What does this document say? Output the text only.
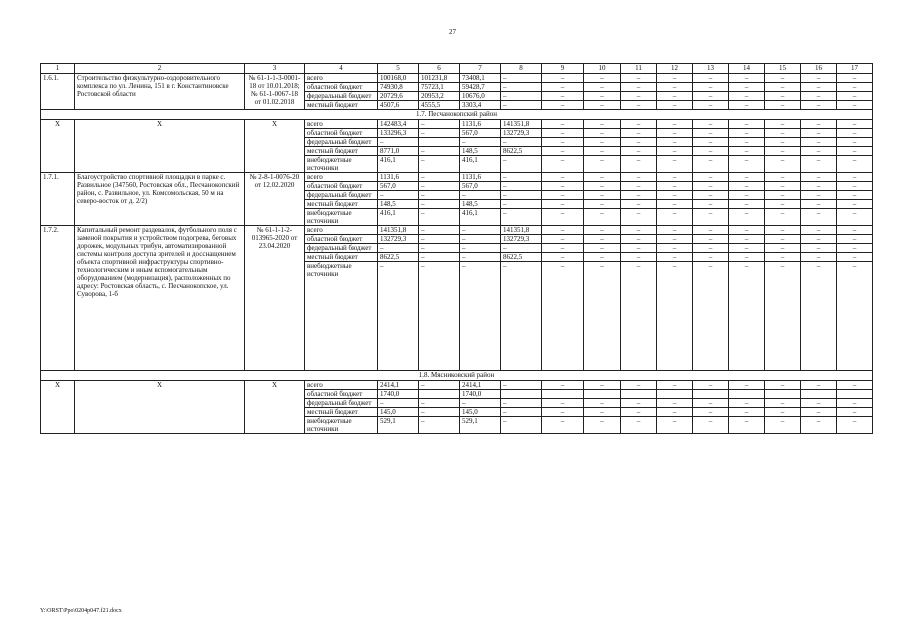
27
1	2	3	4	5	6	7	8	9	10	11	12	13	14	15	16	17
1.6.1.	Строительство физкультурно-оздоровительного комплекса по ул. Ленина, 151 в г. Константиновске Ростовской области	№ 61-1-1-3-0001-18 от 10.01.2018; № 61-1-0067-18 от 01.02.2018	всего	100168,0	101231,8	73408,1	–	–	–	–	–	–	–	–	–	–
			областной бюджет	74930,8	75723,1	59428,7	–	–	–	–	–	–	–	–	–	–
			федеральный бюджет	20729,6	20953,2	10676,0	–	–	–	–	–	–	–	–	–	–
			местный бюджет	4507,6	4555,5	3303,4	–	–	–	–	–	–	–	–	–	–
1.7. Песчанокопский район																
Х	Х	Х	всего	142483,4	–	1131,6	141351,8	–	–	–	–	–	–	–	–	–
			областной бюджет	133296,3	–	567,0	132729,3	–	–	–	–	–	–	–	–	–
			федеральный бюджет	–		–	–	–	–	–	–	–	–	–	–	–
			местный бюджет	8771,0	–	148,5	8622,5	–	–	–	–	–	–	–	–	–
			внебюджетные источники	416,1	–	416,1	–	–	–	–	–	–	–	–	–	–
1.7.1.	Благоустройство спортивной площадки в парке с. Развильное (347560, Ростовская обл., Песчанокопский район, с. Развильное, ул. Комсомольская, 50 м на северо-восток от д. 2/2)	№ 2-8-1-0076-20 от 12.02.2020	всего	1131,6	–	1131,6	–	–	–	–	–	–	–	–	–	–
			областной бюджет	567,0	–	567,0	–	–	–	–	–	–	–	–	–	–
			федеральный бюджет	–	–	–	–	–	–	–	–	–	–	–	–	–
			местный бюджет	148,5	–	148,5	–	–	–	–	–	–	–	–	–	–
			внебюджетные источники	416,1	–	416,1	–	–	–	–	–	–	–	–	–	–
1.7.2.	Капитальный ремонт раздевалок, футбольного поля с заменой покрытия и устройством подогрева, беговых дорожек, модульных трибун, автоматизированной системы контроля доступа зрителей и досснащением объекта спортивной инфраструктуры спортивно-технологическим и иным вспомогательным оборудованием (модернизация), расположенных по адресу: Ростовская область, с. Песчанокопское, ул. Суворова, 1-б	№ 61-1-1-2-013965-2020 от 23.04.2020	всего	141351,8	–	–	141351,8	–	–	–	–	–	–	–	–	–
			областной бюджет	132729,3	–	–	132729,3	–	–	–	–	–	–	–	–	–
			федеральный бюджет	–	–	–	–	–	–	–	–	–	–	–	–	–
			местный бюджет	8622,5	–	–	8622,5	–	–	–	–	–	–	–	–	–
			внебюджетные источники	–	–	–	–	–	–	–	–	–	–	–	–	–
1.8. Мясниковский район																
Х	Х	Х	всего	2414,1	–	2414,1	–	–	–	–	–	–	–	–	–	–
			областной бюджет	1740,0		1740,0										
			федеральный бюджет	–	–	–	–	–	–	–	–	–	–	–	–	–
			местный бюджет	145,0	–	145,0	–	–	–	–	–	–	–	–	–	–
			внебюджетные источники	529,1	–	529,1	–	–	–	–	–	–	–	–	–	–
Y:\ORST\Ppo\0204p047.f21.docx
